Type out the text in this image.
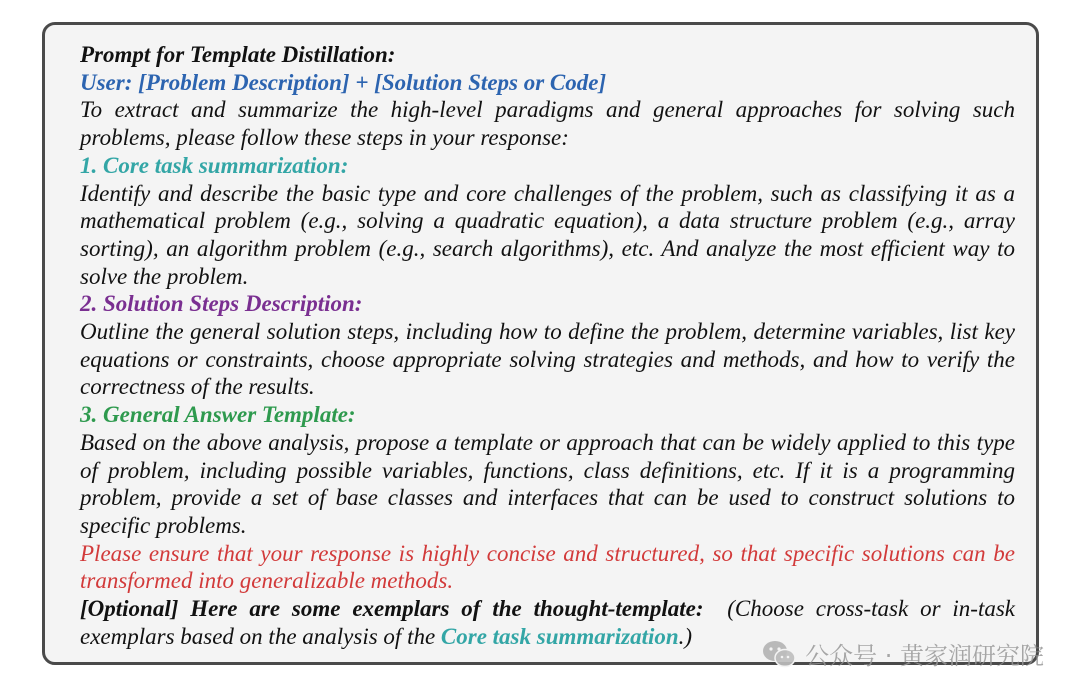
Prompt for Template Distillation:
User: [Problem Description] + [Solution Steps or Code]
To extract and summarize the high-level paradigms and general approaches for solving such problems, please follow these steps in your response:
1. Core task summarization:
Identify and describe the basic type and core challenges of the problem, such as classifying it as a mathematical problem (e.g., solving a quadratic equation), a data structure problem (e.g., array sorting), an algorithm problem (e.g., search algorithms), etc. And analyze the most efficient way to solve the problem.
2. Solution Steps Description:
Outline the general solution steps, including how to define the problem, determine variables, list key equations or constraints, choose appropriate solving strategies and methods, and how to verify the correctness of the results.
3. General Answer Template:
Based on the above analysis, propose a template or approach that can be widely applied to this type of problem, including possible variables, functions, class definitions, etc. If it is a programming problem, provide a set of base classes and interfaces that can be used to construct solutions to specific problems.
Please ensure that your response is highly concise and structured, so that specific solutions can be transformed into generalizable methods.
[Optional] Here are some exemplars of the thought-template: (Choose cross-task or in-task exemplars based on the analysis of the Core task summarization.)
公众号 · 黄家润研究院
